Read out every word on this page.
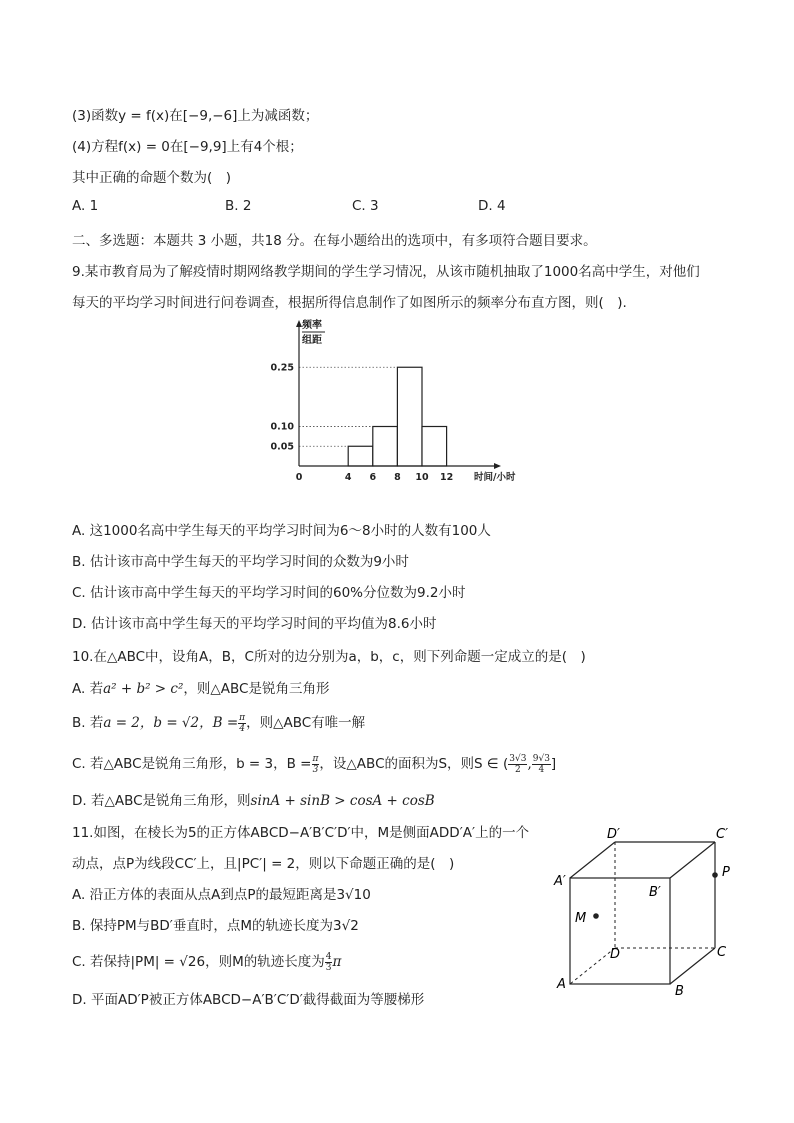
(3)函数y = f(x)在[−9,−6]上为减函数；
(4)方程f(x) = 0在[−9,9]上有4个根；
其中正确的命题个数为(　)
A. 1	B. 2	C. 3	D. 4
二、多选题：本题共 3 小题，共18 分。在每小题给出的选项中，有多项符合题目要求。
9.某市教育局为了解疫情时期网络教学期间的学生学习情况，从该市随机抽取了1000名高中学生，对他们
每天的平均学习时间进行问卷调查，根据所得信息制作了如图所示的频率分布直方图，则(　).
0	4 6 8 10 12
0.05
0.10
0.25
频率
组距
时间/小时
A. 这1000名高中学生每天的平均学习时间为6～8小时的人数有100人
B. 估计该市高中学生每天的平均学习时间的众数为9小时
C. 估计该市高中学生每天的平均学习时间的60%分位数为9.2小时
D. 估计该市高中学生每天的平均学习时间的平均值为8.6小时
10.在△ABC中，设角A，B，C所对的边分别为a，b，c，则下列命题一定成立的是(　)
A. 若a² + b² > c²，则△ABC是锐角三角形
B. 若a = 2，b = √2，$B = \frac{\pi}{4}$ ，则△ABC有唯一解
C. 若△ABC是锐角三角形，b = 3，$B = \frac{\pi}{3}$ ，设△ABC的面积为S，则S ∈ ( $\frac{3√3}{2}$ , $\frac{9√3}{4}$ ]
D. 若△ABC是锐角三角形，则sinA + sinB > cosA + cosB
11.如图，在棱长为5的正方体ABCD−A′B′C′D′中，M是侧面ADD′A′上的一个
动点，点P为线段CC′上，且|PC′| = 2，则以下命题正确的是(　)
A. 沿正方体的表面从点A到点P的最短距离是3√10
B. 保持PM与BD′垂直时，点M的轨迹长度为3√2
C. 若保持|PM| = √26，则M的轨迹长度为 $\frac{4}{3}$ π
D. 平面AD′P被正方体ABCD−A′B′C′D′截得截面为等腰梯形
D′	C′
A′
B′
P
M
D	C
A	B
